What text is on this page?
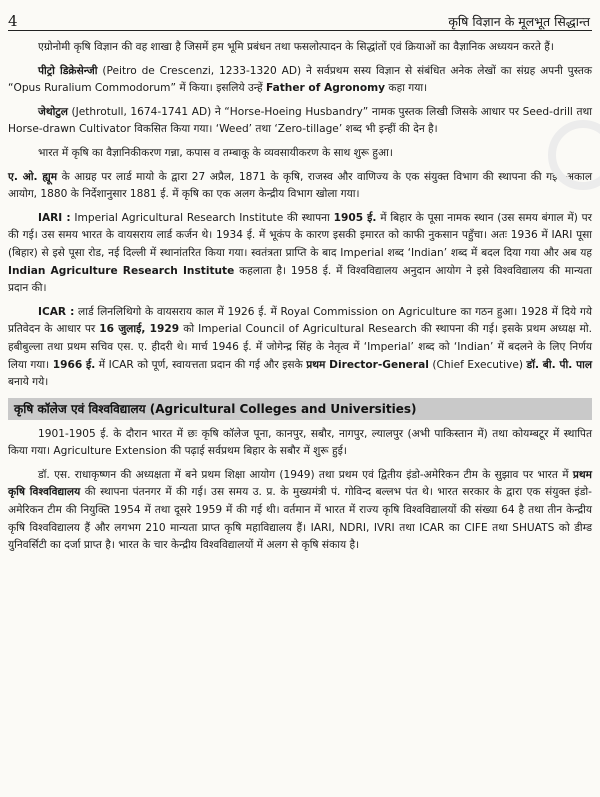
4	कृषि विज्ञान के मूलभूत सिद्धान्त

एग्रोनोमी कृषि विज्ञान की वह शाखा है जिसमें हम भूमि प्रबंधन तथा फसलोत्पादन के सिद्धांतों एवं क्रियाओं का वैज्ञानिक अध्ययन करते हैं।

पीट्रो डिक्रेसेन्जी (Peitro de Crescenzi, 1233-1320 AD) ने सर्वप्रथम सस्य विज्ञान से संबंधित अनेक लेखों का संग्रह अपनी पुस्तक “Opus Ruralium Commodorum” में किया। इसलिये उन्हें Father of Agronomy कहा गया।

जेथोटुल (Jethrotull, 1674-1741 AD) ने “Horse-Hoeing Husbandry” नामक पुस्तक लिखी जिसके आधार पर Seed-drill तथा Horse-drawn Cultivator विकसित किया गया। ‘Weed’ तथा ‘Zero-tillage’ शब्द भी इन्हीं की देन है।

भारत में कृषि का वैज्ञानिकीकरण गन्ना, कपास व तम्बाकू के व्यवसायीकरण के साथ शुरू हुआ।

ए. ओ. ह्यूम के आग्रह पर लार्ड मायो के द्वारा 27 अप्रैल, 1871 के कृषि, राजस्व और वाणिज्य के एक संयुक्त विभाग की स्थापना की गई। अकाल आयोग, 1880 के निर्देशानुसार 1881 ई. में कृषि का एक अलग केन्द्रीय विभाग खोला गया।

IARI : Imperial Agricultural Research Institute की स्थापना 1905 ई. में बिहार के पूसा नामक स्थान (उस समय बंगाल में) पर की गई। उस समय भारत के वायसराय लार्ड कर्जन थे। 1934 ई. में भूकंप के कारण इसकी इमारत को काफी नुकसान पहुँचा। अतः 1936 में IARI पूसा (बिहार) से इसे पूसा रोड, नई दिल्ली में स्थानांतरित किया गया। स्वतंत्रता प्राप्ति के बाद Imperial शब्द ‘Indian’ शब्द में बदल दिया गया और अब यह Indian Agriculture Research Institute कहलाता है। 1958 ई. में विश्वविद्यालय अनुदान आयोग ने इसे विश्वविद्यालय की मान्यता प्रदान की।

ICAR : लार्ड लिनलिथिगो के वायसराय काल में 1926 ई. में Royal Commission on Agriculture का गठन हुआ। 1928 में दिये गये प्रतिवेदन के आधार पर 16 जुलाई, 1929 को Imperial Council of Agricultural Research की स्थापना की गई। इसके प्रथम अध्यक्ष मो. हबीबुल्ला तथा प्रथम सचिव एस. ए. हीदरी थे। मार्च 1946 ई. में जोगेन्द्र सिंह के नेतृत्व में ‘Imperial’ शब्द को ‘Indian’ में बदलने के लिए निर्णय लिया गया। 1966 ई. में ICAR को पूर्ण, स्वायत्तता प्रदान की गई और इसके प्रथम Director-General (Chief Executive) डॉ. बी. पी. पाल बनाये गये।

कृषि कॉलेज एवं विश्वविद्यालय (Agricultural Colleges and Universities)

1901-1905 ई. के दौरान भारत में छः कृषि कॉलेज पूना, कानपुर, सबौर, नागपुर, ल्यालपुर (अभी पाकिस्तान में) तथा कोयम्बटूर में स्थापित किया गया। Agriculture Extension की पढ़ाई सर्वप्रथम बिहार के सबौर में शुरू हुई।

डॉ. एस. राधाकृष्णन की अध्यक्षता में बने प्रथम शिक्षा आयोग (1949) तथा प्रथम एवं द्वितीय इंडो-अमेरिकन टीम के सुझाव पर भारत में प्रथम कृषि विश्वविद्यालय की स्थापना पंतनगर में की गई। उस समय उ. प्र. के मुख्यमंत्री पं. गोविन्द बल्लभ पंत थे। भारत सरकार के द्वारा एक संयुक्त इंडो-अमेरिकन टीम की नियुक्ति 1954 में तथा दूसरे 1959 में की गई थी। वर्तमान में भारत में राज्य कृषि विश्वविद्यालयों की संख्या 64 है तथा तीन केन्द्रीय कृषि विश्वविद्यालय हैं और लगभग 210 मान्यता प्राप्त कृषि महाविद्यालय हैं। IARI, NDRI, IVRI तथा ICAR का CIFE तथा SHUATS को डीम्ड युनिवर्सिटी का दर्जा प्राप्त है। भारत के चार केन्द्रीय विश्वविद्यालयों में अलग से कृषि संकाय है।
